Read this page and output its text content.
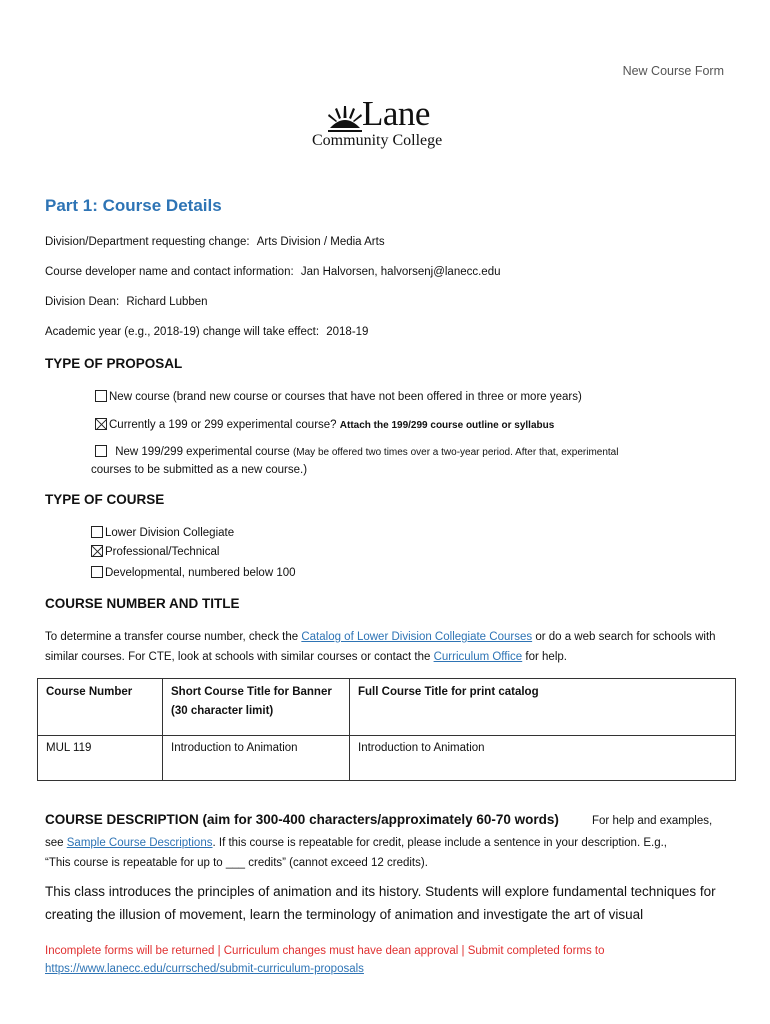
New Course Form
Lane
Community College
Part 1: Course Details
Division/Department requesting change: Arts Division / Media Arts
Course developer name and contact information: Jan Halvorsen, halvorsenj@lanecc.edu
Division Dean: Richard Lubben
Academic year (e.g., 2018-19) change will take effect: 2018-19
TYPE OF PROPOSAL
New course (brand new course or courses that have not been offered in three or more years)
Currently a 199 or 299 experimental course? Attach the 199/299 course outline or syllabus
New 199/299 experimental course (May be offered two times over a two-year period. After that, experimental
courses to be submitted as a new course.)
TYPE OF COURSE
Lower Division Collegiate
Professional/Technical
Developmental, numbered below 100
COURSE NUMBER AND TITLE
To determine a transfer course number, check the Catalog of Lower Division Collegiate Courses or do a web search for schools with similar courses. For CTE, look at schools with similar courses or contact the Curriculum Office for help.
Course Number	Short Course Title for Banner (30 character limit)	Full Course Title for print catalog
MUL 119	Introduction to Animation	Introduction to Animation
COURSE DESCRIPTION (aim for 300-400 characters/approximately 60-70 words)	For help and examples,
see Sample Course Descriptions. If this course is repeatable for credit, please include a sentence in your description. E.g.,
“This course is repeatable for up to ___ credits” (cannot exceed 12 credits).
This class introduces the principles of animation and its history. Students will explore fundamental techniques for creating the illusion of movement, learn the terminology of animation and investigate the art of visual
Incomplete forms will be returned | Curriculum changes must have dean approval | Submit completed forms to
https://www.lanecc.edu/currsched/submit-curriculum-proposals
